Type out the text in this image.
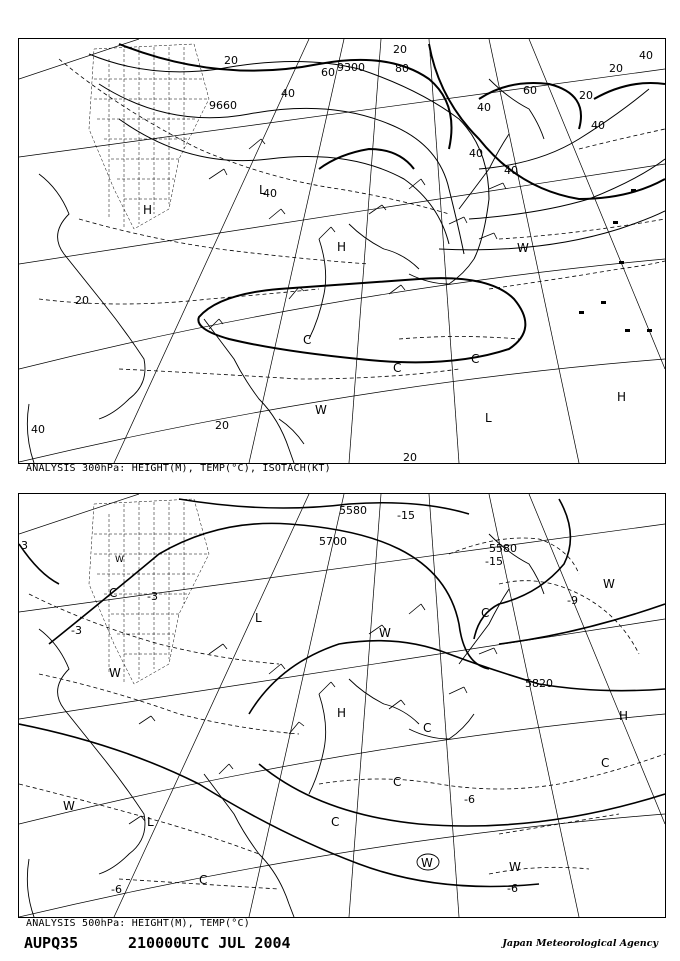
9300
9660
20
40
60	80
20
40
20
20
20
40
40
60
40
20
40
40
40
20
H
H
L
C
C
C
W
W
L
H
ANALYSIS 300hPa: HEIGHT(M), TEMP(°C), ISOTACH(KT)
5580
5700
5580
5820
-15
-15
-9
-3
-3
-6
-6	-6
3
W
C
W
H
C
C
W
L
C
W
C
H
C
W
C
W	W
L
ANALYSIS 500hPa: HEIGHT(M), TEMP(°C)
AUPQ35	210000UTC JUL 2004	Japan Meteorological Agency
